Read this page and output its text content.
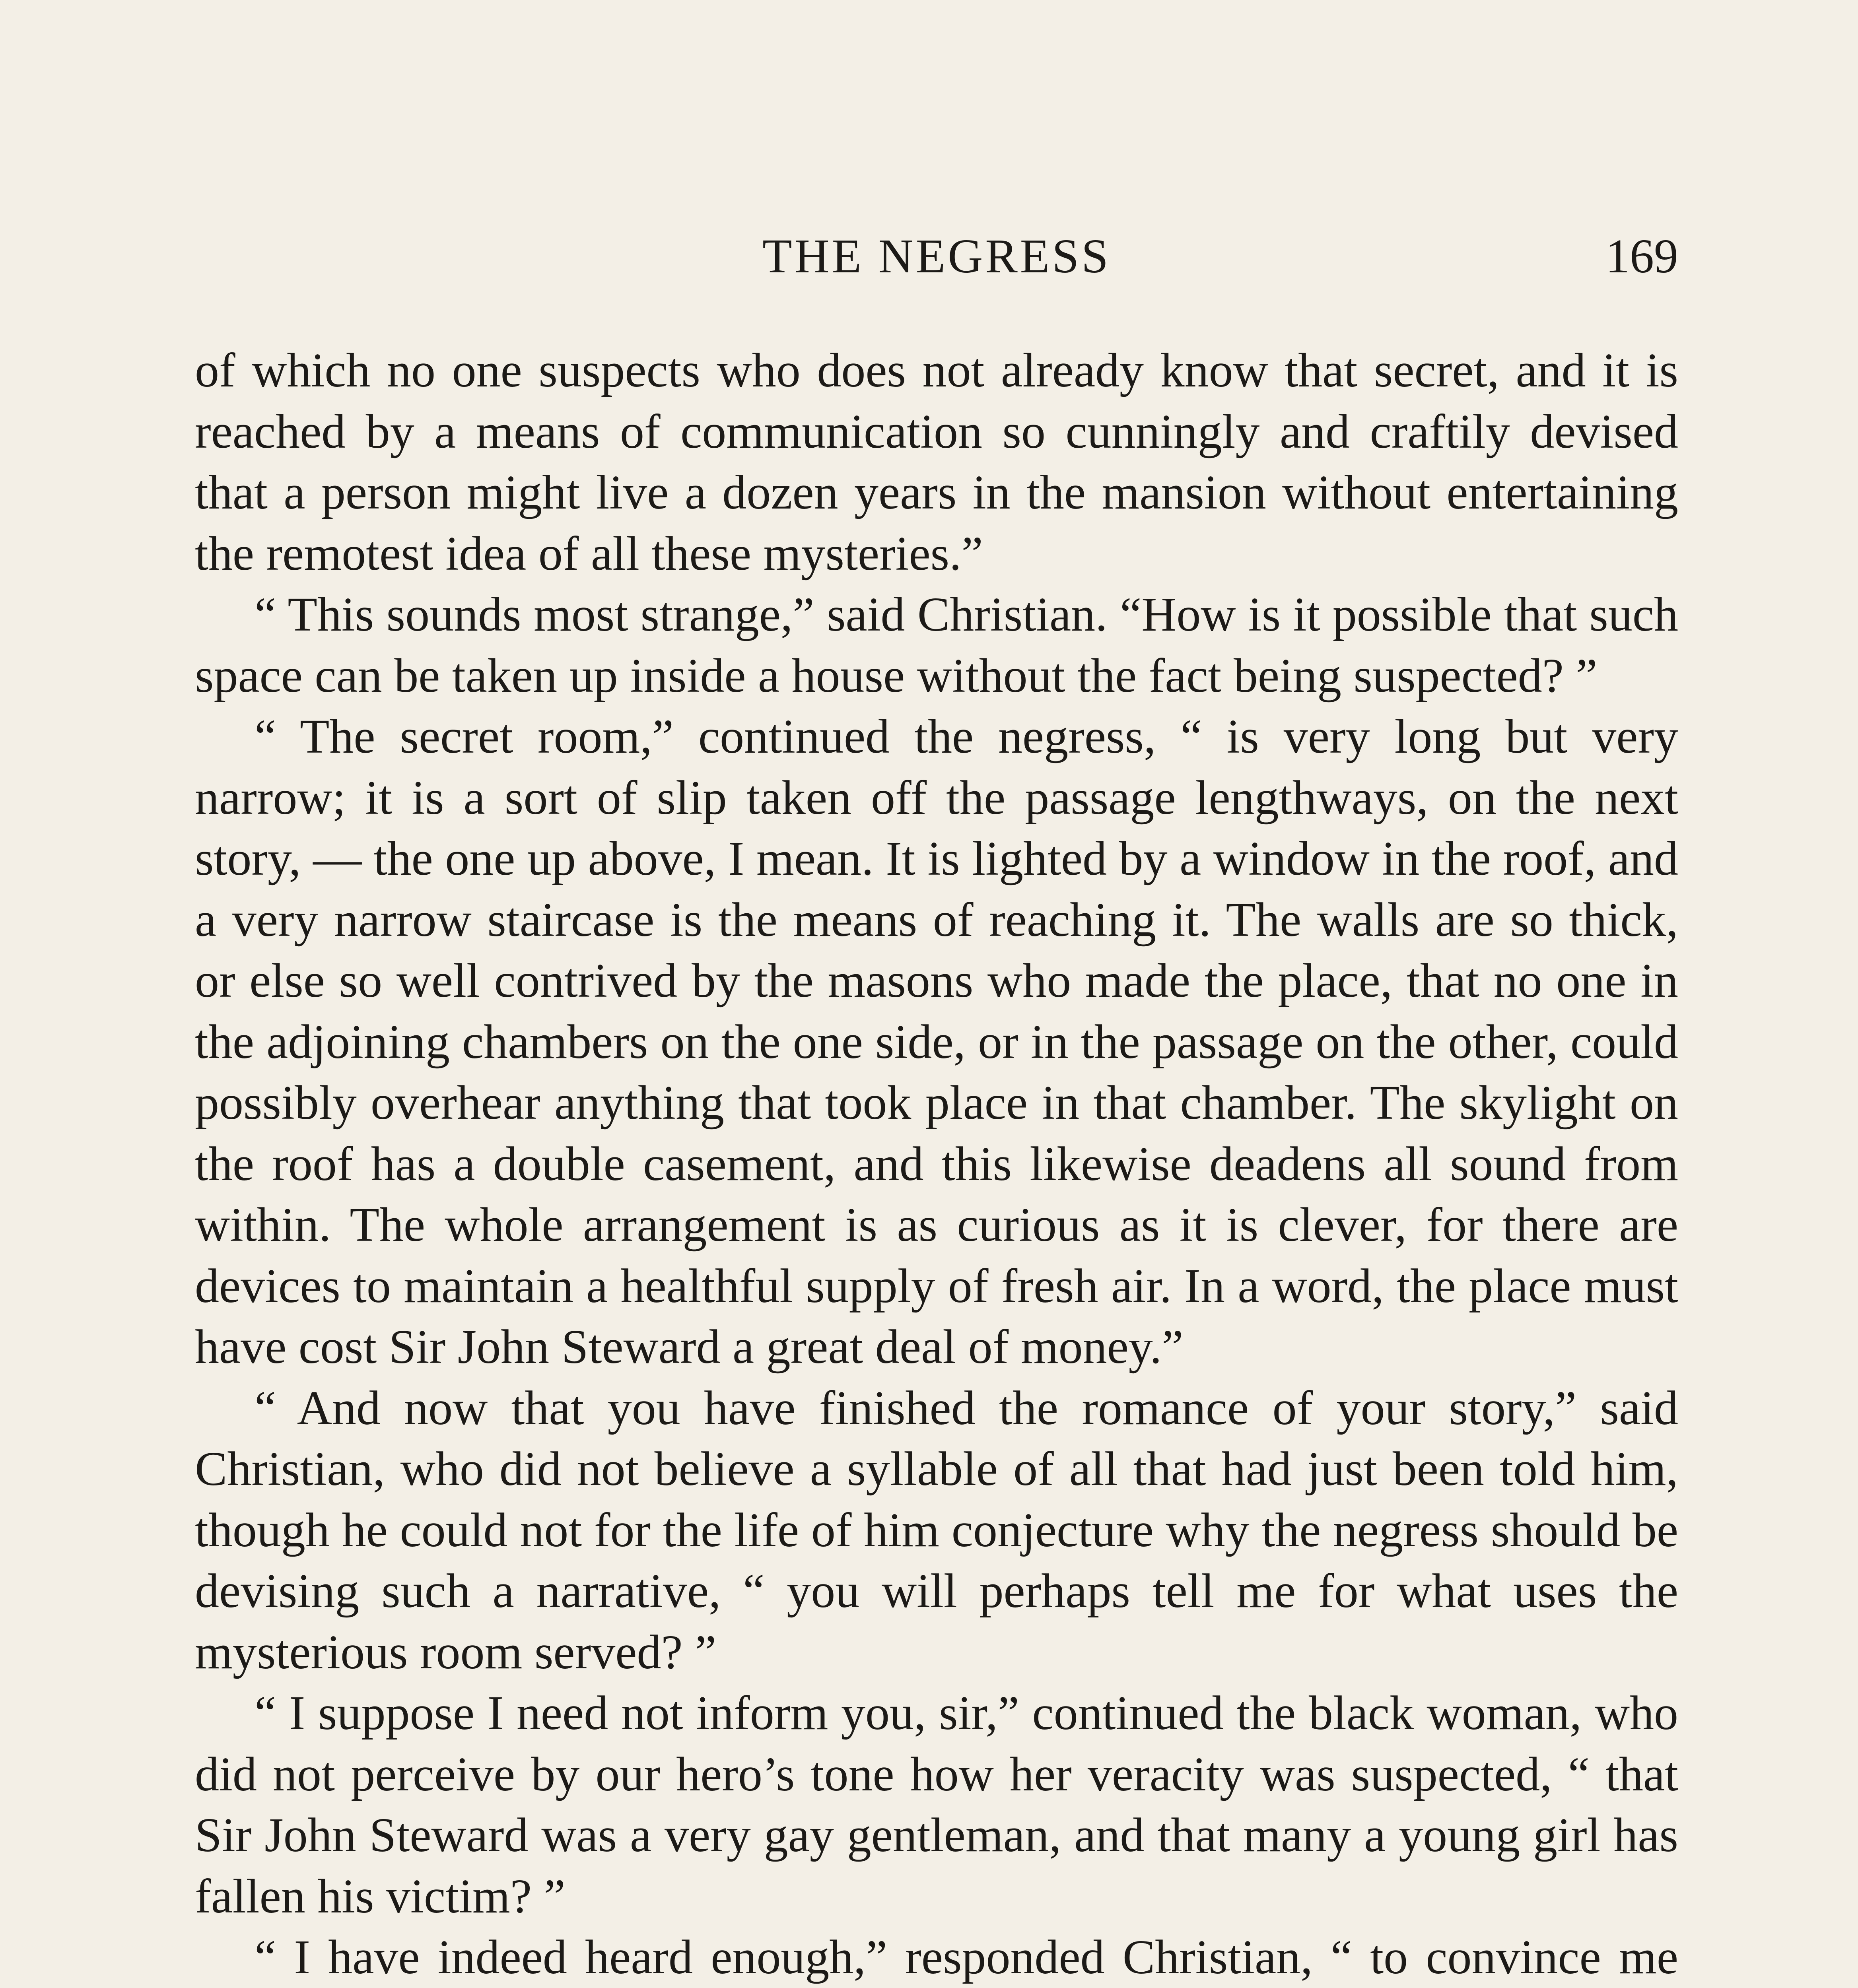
THE NEGRESS	169

of which no one suspects who does not already know that secret, and it is reached by a means of communication so cunningly and craftily devised that a person might live a dozen years in the mansion without entertaining the remotest idea of all these mysteries.”

“ This sounds most strange,” said Christian. “How is it possible that such space can be taken up inside a house without the fact being suspected? ”

“ The secret room,” continued the negress, “ is very long but very narrow; it is a sort of slip taken off the passage lengthways, on the next story, — the one up above, I mean. It is lighted by a window in the roof, and a very narrow staircase is the means of reaching it. The walls are so thick, or else so well contrived by the masons who made the place, that no one in the adjoining chambers on the one side, or in the passage on the other, could possibly overhear anything that took place in that chamber. The skylight on the roof has a double casement, and this likewise deadens all sound from within. The whole arrangement is as curious as it is clever, for there are devices to maintain a healthful supply of fresh air. In a word, the place must have cost Sir John Steward a great deal of money.”

“ And now that you have finished the romance of your story,” said Christian, who did not believe a syllable of all that had just been told him, though he could not for the life of him conjecture why the negress should be devising such a narrative, “ you will perhaps tell me for what uses the mysterious room served? ”

“ I suppose I need not inform you, sir,” continued the black woman, who did not perceive by our hero’s tone how her veracity was suspected, “ that Sir John Steward was a very gay gentleman, and that many a young girl has fallen his victim? ”

“ I have indeed heard enough,” responded Christian, “ to convince me
